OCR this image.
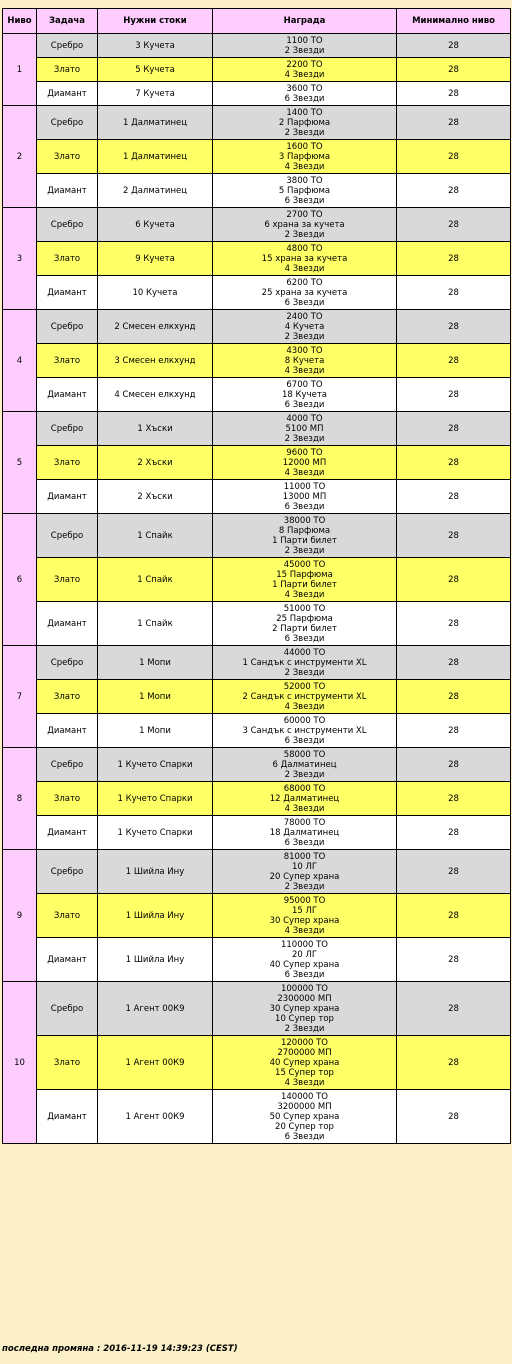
Ниво	Задача	Нужни стоки	Награда	Минимално ниво
1	Сребро	3 Кучета	1100 ТО
2 Звезди	28
	Злато	5 Кучета	2200 ТО
4 Звезди	28
	Диамант	7 Кучета	3600 ТО
6 Звезди	28
2	Сребро	1 Далматинец	1400 ТО
2 Парфюма
2 Звезди	28
	Злато	1 Далматинец	1600 ТО
3 Парфюма
4 Звезди	28
	Диамант	2 Далматинец	3800 ТО
5 Парфюма
6 Звезди	28
3	Сребро	6 Кучета	2700 ТО
6 храна за кучета
2 Звезди	28
	Злато	9 Кучета	4800 ТО
15 храна за кучета
4 Звезди	28
	Диамант	10 Кучета	6200 ТО
25 храна за кучета
6 Звезди	28
4	Сребро	2 Смесен елкхунд	2400 ТО
4 Кучета
2 Звезди	28
	Злато	3 Смесен елкхунд	4300 ТО
8 Кучета
4 Звезди	28
	Диамант	4 Смесен елкхунд	6700 ТО
18 Кучета
6 Звезди	28
5	Сребро	1 Хъски	4000 ТО
5100 МП
2 Звезди	28
	Злато	2 Хъски	9600 ТО
12000 МП
4 Звезди	28
	Диамант	2 Хъски	11000 ТО
13000 МП
6 Звезди	28
6	Сребро	1 Спайк	38000 ТО
8 Парфюма
1 Парти билет
2 Звезди	28
	Злато	1 Спайк	45000 ТО
15 Парфюма
1 Парти билет
4 Звезди	28
	Диамант	1 Спайк	51000 ТО
25 Парфюма
2 Парти билет
6 Звезди	28
7	Сребро	1 Мопи	44000 ТО
1 Сандък с инструменти XL
2 Звезди	28
	Злато	1 Мопи	52000 ТО
2 Сандък с инструменти XL
4 Звезди	28
	Диамант	1 Мопи	60000 ТО
3 Сандък с инструменти XL
6 Звезди	28
8	Сребро	1 Кучето Спарки	58000 ТО
6 Далматинец
2 Звезди	28
	Злато	1 Кучето Спарки	68000 ТО
12 Далматинец
4 Звезди	28
	Диамант	1 Кучето Спарки	78000 ТО
18 Далматинец
6 Звезди	28
9	Сребро	1 Шийла Ину	81000 ТО
10 ЛГ
20 Супер храна
2 Звезди	28
	Злато	1 Шийла Ину	95000 ТО
15 ЛГ
30 Супер храна
4 Звезди	28
	Диамант	1 Шийла Ину	110000 ТО
20 ЛГ
40 Супер храна
6 Звезди	28
10	Сребро	1 Агент 00К9	100000 ТО
2300000 МП
30 Супер храна
10 Супер тор
2 Звезди	28
	Злато	1 Агент 00К9	120000 ТО
2700000 МП
40 Супер храна
15 Супер тор
4 Звезди	28
	Диамант	1 Агент 00К9	140000 ТО
3200000 МП
50 Супер храна
20 Супер тор
6 Звезди	28
последна промяна : 2016-11-19 14:39:23 (CEST)
